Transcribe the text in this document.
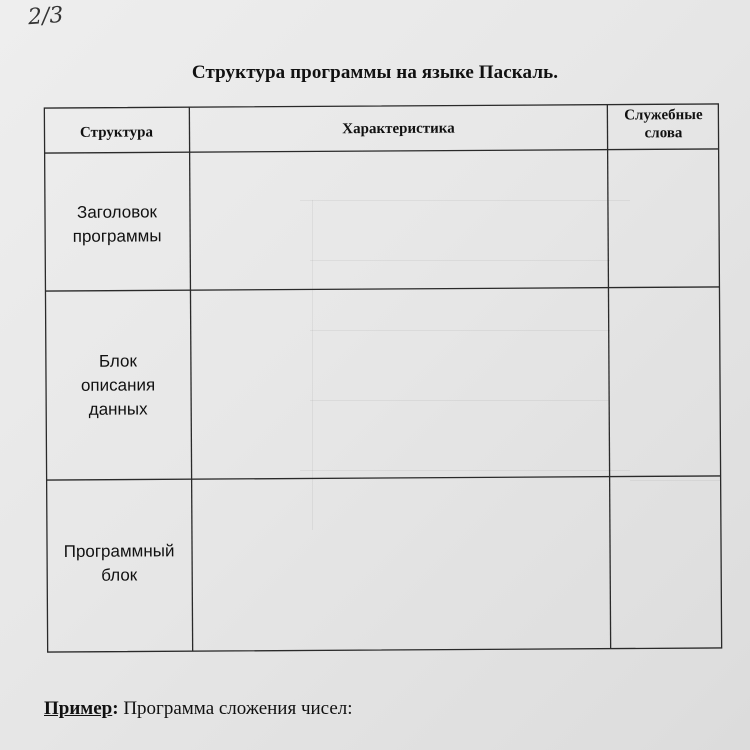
2/3
Структура программы на языке Паскаль.
Структура	Характеристика
Служебные
слова
Заголовок
программы
Блок
описания
данных
Программный
блок
Пример: Программа сложения чисел:
